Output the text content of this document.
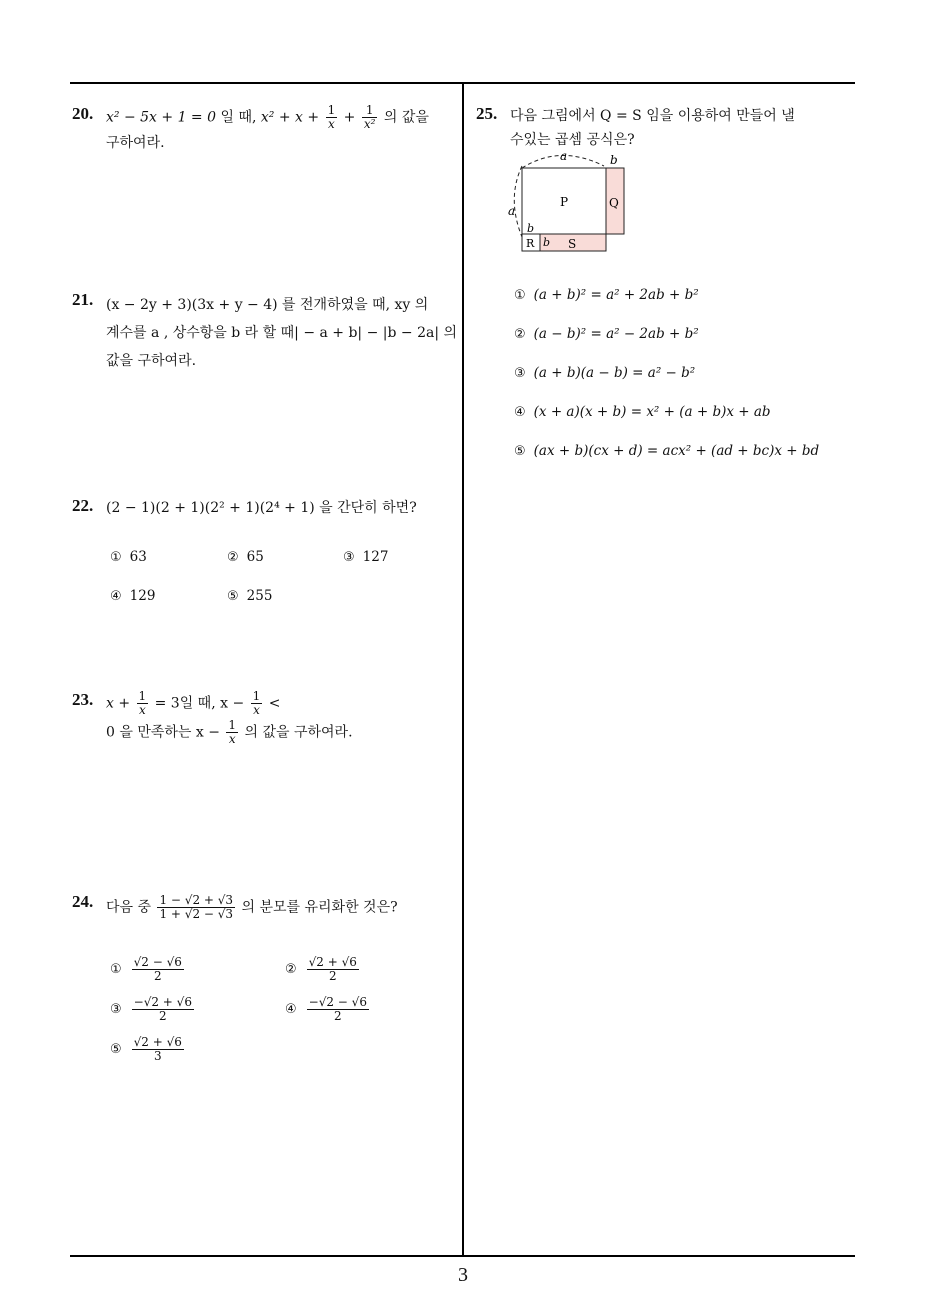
20. x² − 5x + 1 = 0 일 때, $x^2 + x + \frac{1}{x} + \frac{1}{\text{x²}}$ 의 값을
구하여라.
21. (x − 2y + 3)(3x + y − 4) 를 전개하였을 때, xy 의
계수를 a , 상수항을 b 라 할 때| − a + b| − |b − 2a| 의
값을 구하여라.
22. (2 − 1)(2 + 1)(2² + 1)(2⁴ + 1) 을 간단히 하면?
① 63	② 65	③ 127
④ 129	⑤ 255
23. $x + \frac{1}{x} = 3$일 때, $x - \frac{1}{x}$ <
0 을 만족하는 $x - \frac{1}{x}$ 의 값을 구하여라.
24. 다음 중 $\frac{1 - √2 + √3}{1 + √2 - √3}$ 의 분모를 유리화한 것은?
① $\frac{√2 - √6}{2}$	② $\frac{√2 + √6}{2}$
③ $\frac{-√2 + √6}{2}$	④ $\frac{-√2 - √6}{2}$
⑤ $\frac{√2 + √6}{3}$
25. 다음 그림에서 Q = S 임을 이용하여 만들어 낼
수있는 곱셈 공식은?
a	b
a
b
b
P	Q
R	S
① (a + b)² = a² + 2ab + b²
② (a − b)² = a² − 2ab + b²
③ (a + b)(a − b) = a² − b²
④ (x + a)(x + b) = x² + (a + b)x + ab
⑤ (ax + b)(cx + d) = acx² + (ad + bc)x + bd
3
